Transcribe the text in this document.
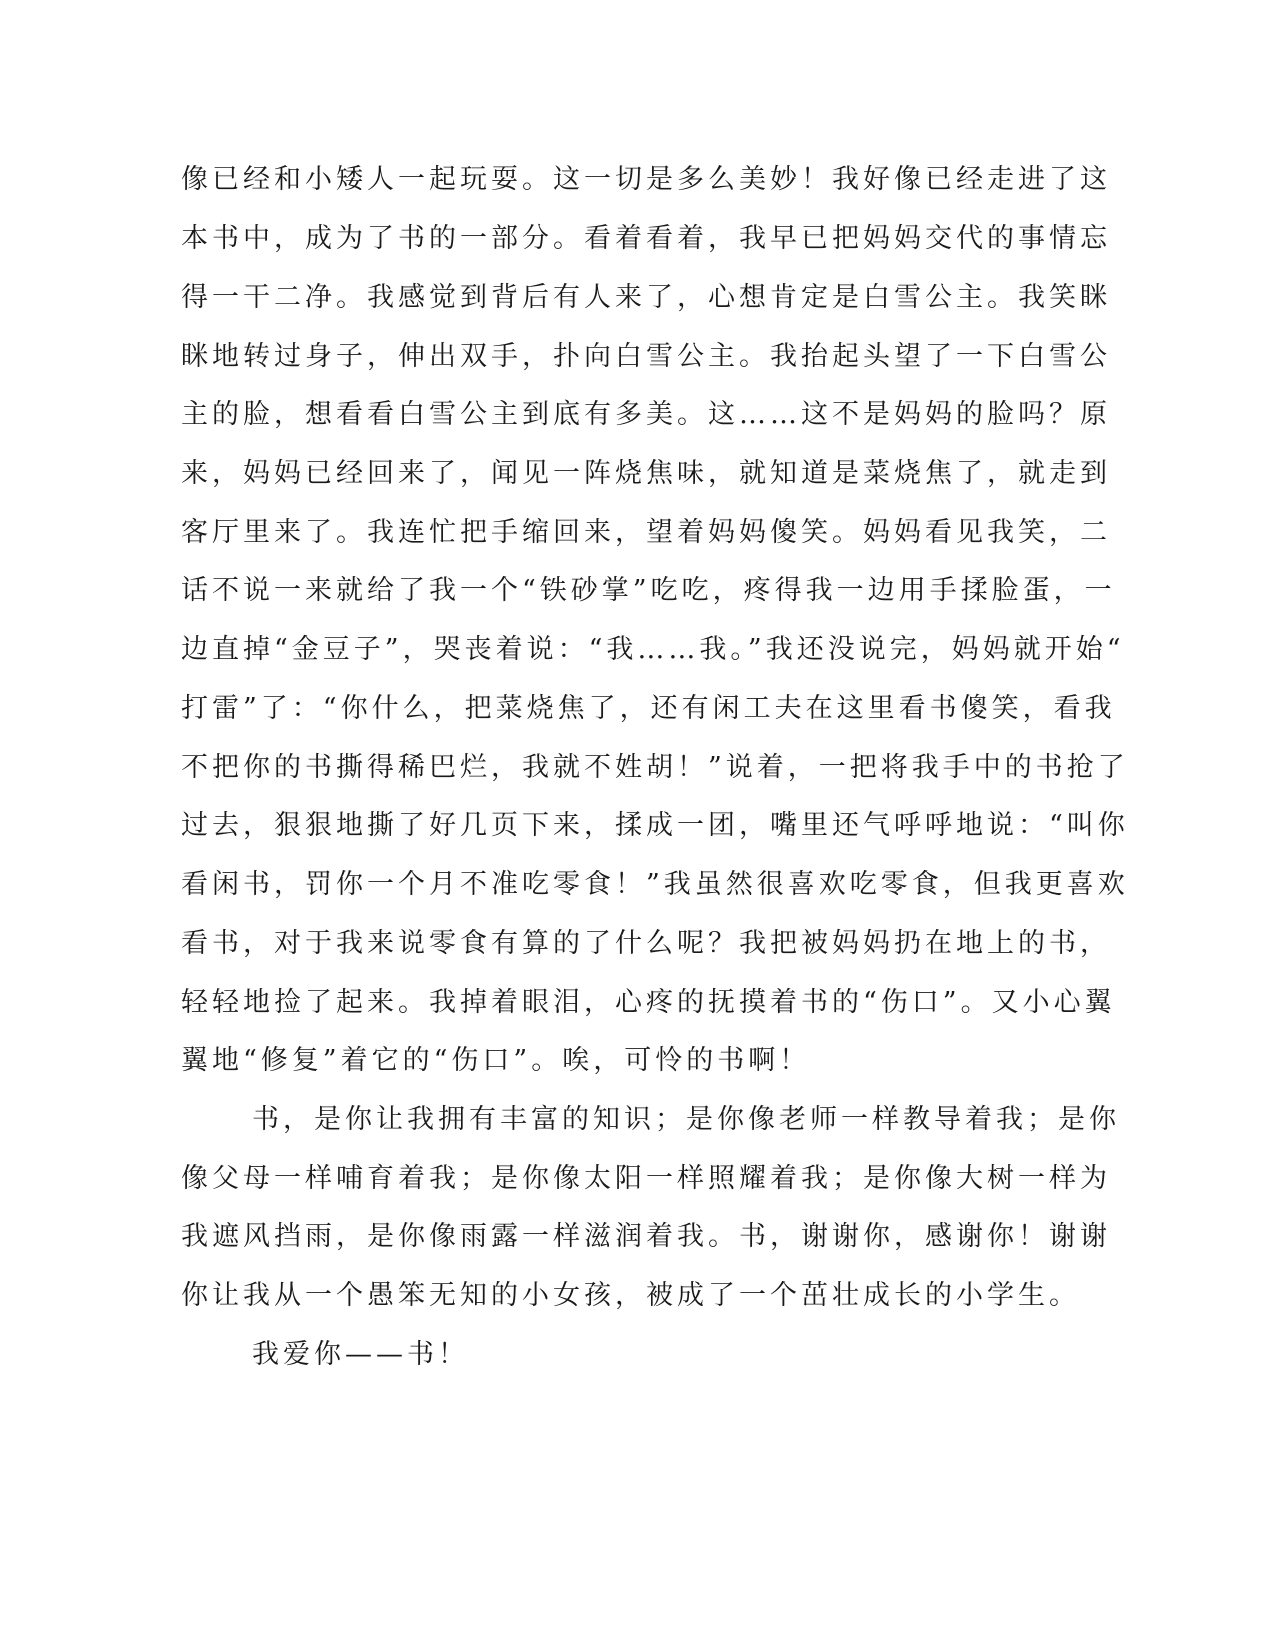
像已经和小矮人一起玩耍。这一切是多么美妙！我好像已经走进了这

本书中，成为了书的一部分。看着看着，我早已把妈妈交代的事情忘

得一干二净。我感觉到背后有人来了，心想肯定是白雪公主。我笑眯

眯地转过身子，伸出双手，扑向白雪公主。我抬起头望了一下白雪公

主的脸，想看看白雪公主到底有多美。这……这不是妈妈的脸吗？原

来，妈妈已经回来了，闻见一阵烧焦味，就知道是菜烧焦了，就走到

客厅里来了。我连忙把手缩回来，望着妈妈傻笑。妈妈看见我笑，二

话不说一来就给了我一个“铁砂掌”吃吃，疼得我一边用手揉脸蛋，一

边直掉“金豆子”，哭丧着说：“我……我。”我还没说完，妈妈就开始“

打雷”了：“你什么，把菜烧焦了，还有闲工夫在这里看书傻笑，看我

不把你的书撕得稀巴烂，我就不姓胡！”说着，一把将我手中的书抢了

过去，狠狠地撕了好几页下来，揉成一团，嘴里还气呼呼地说：“叫你

看闲书，罚你一个月不准吃零食！”我虽然很喜欢吃零食，但我更喜欢

看书，对于我来说零食有算的了什么呢？我把被妈妈扔在地上的书，

轻轻地捡了起来。我掉着眼泪，心疼的抚摸着书的“伤口”。又小心翼

翼地“修复”着它的“伤口”。唉，可怜的书啊！

书，是你让我拥有丰富的知识；是你像老师一样教导着我；是你

像父母一样哺育着我；是你像太阳一样照耀着我；是你像大树一样为

我遮风挡雨，是你像雨露一样滋润着我。书，谢谢你，感谢你！谢谢

你让我从一个愚笨无知的小女孩，被成了一个茁壮成长的小学生。

我爱你——书！
